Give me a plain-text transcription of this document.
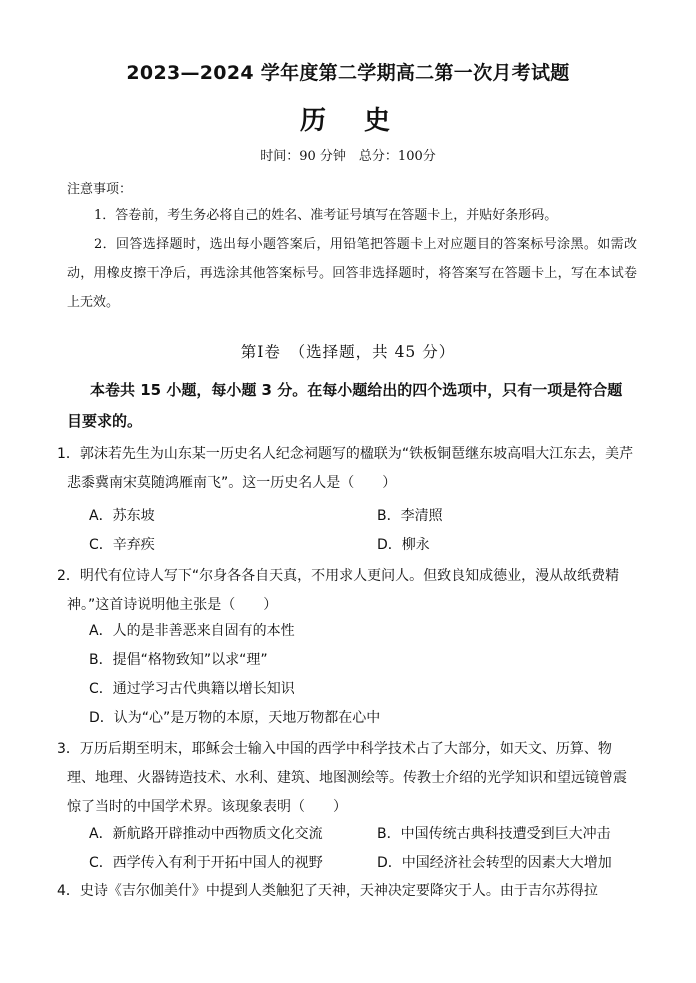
2023—2024 学年度第二学期高二第一次月考试题
历　史
时间：90 分钟　总分：100分
注意事项：
1．答卷前，考生务必将自己的姓名、准考证号填写在答题卡上，并贴好条形码。
2．回答选择题时，选出每小题答案后，用铅笔把答题卡上对应题目的答案标号涂黑。如需改动，用橡皮擦干净后，再选涂其他答案标号。回答非选择题时，将答案写在答题卡上，写在本试卷上无效。
第Ⅰ卷　（选择题，共 45 分）
本卷共 15 小题，每小题 3 分。在每小题给出的四个选项中，只有一项是符合题目要求的。
1．郭沫若先生为山东某一历史名人纪念祠题写的楹联为“铁板铜琶继东坡高唱大江东去，美芹悲黍冀南宋莫随鸿雁南飞”。这一历史名人是（　　）
A．苏东坡	B．李清照
C．辛弃疾	D．柳永
2．明代有位诗人写下“尔身各各自天真，不用求人更问人。但致良知成德业，漫从故纸费精神。”这首诗说明他主张是（　　）
A．人的是非善恶来自固有的本性
B．提倡“格物致知”以求“理”
C．通过学习古代典籍以增长知识
D．认为“心”是万物的本原，天地万物都在心中
3．万历后期至明末，耶稣会士输入中国的西学中科学技术占了大部分，如天文、历算、物理、地理、火器铸造技术、水利、建筑、地图测绘等。传教士介绍的光学知识和望远镜曾震惊了当时的中国学术界。该现象表明（　　）
A．新航路开辟推动中西物质文化交流	B．中国传统古典科技遭受到巨大冲击
C．西学传入有利于开拓中国人的视野	D．中国经济社会转型的因素大大增加
4．史诗《吉尔伽美什》中提到人类触犯了天神，天神决定要降灾于人。由于吉尔苏得拉
